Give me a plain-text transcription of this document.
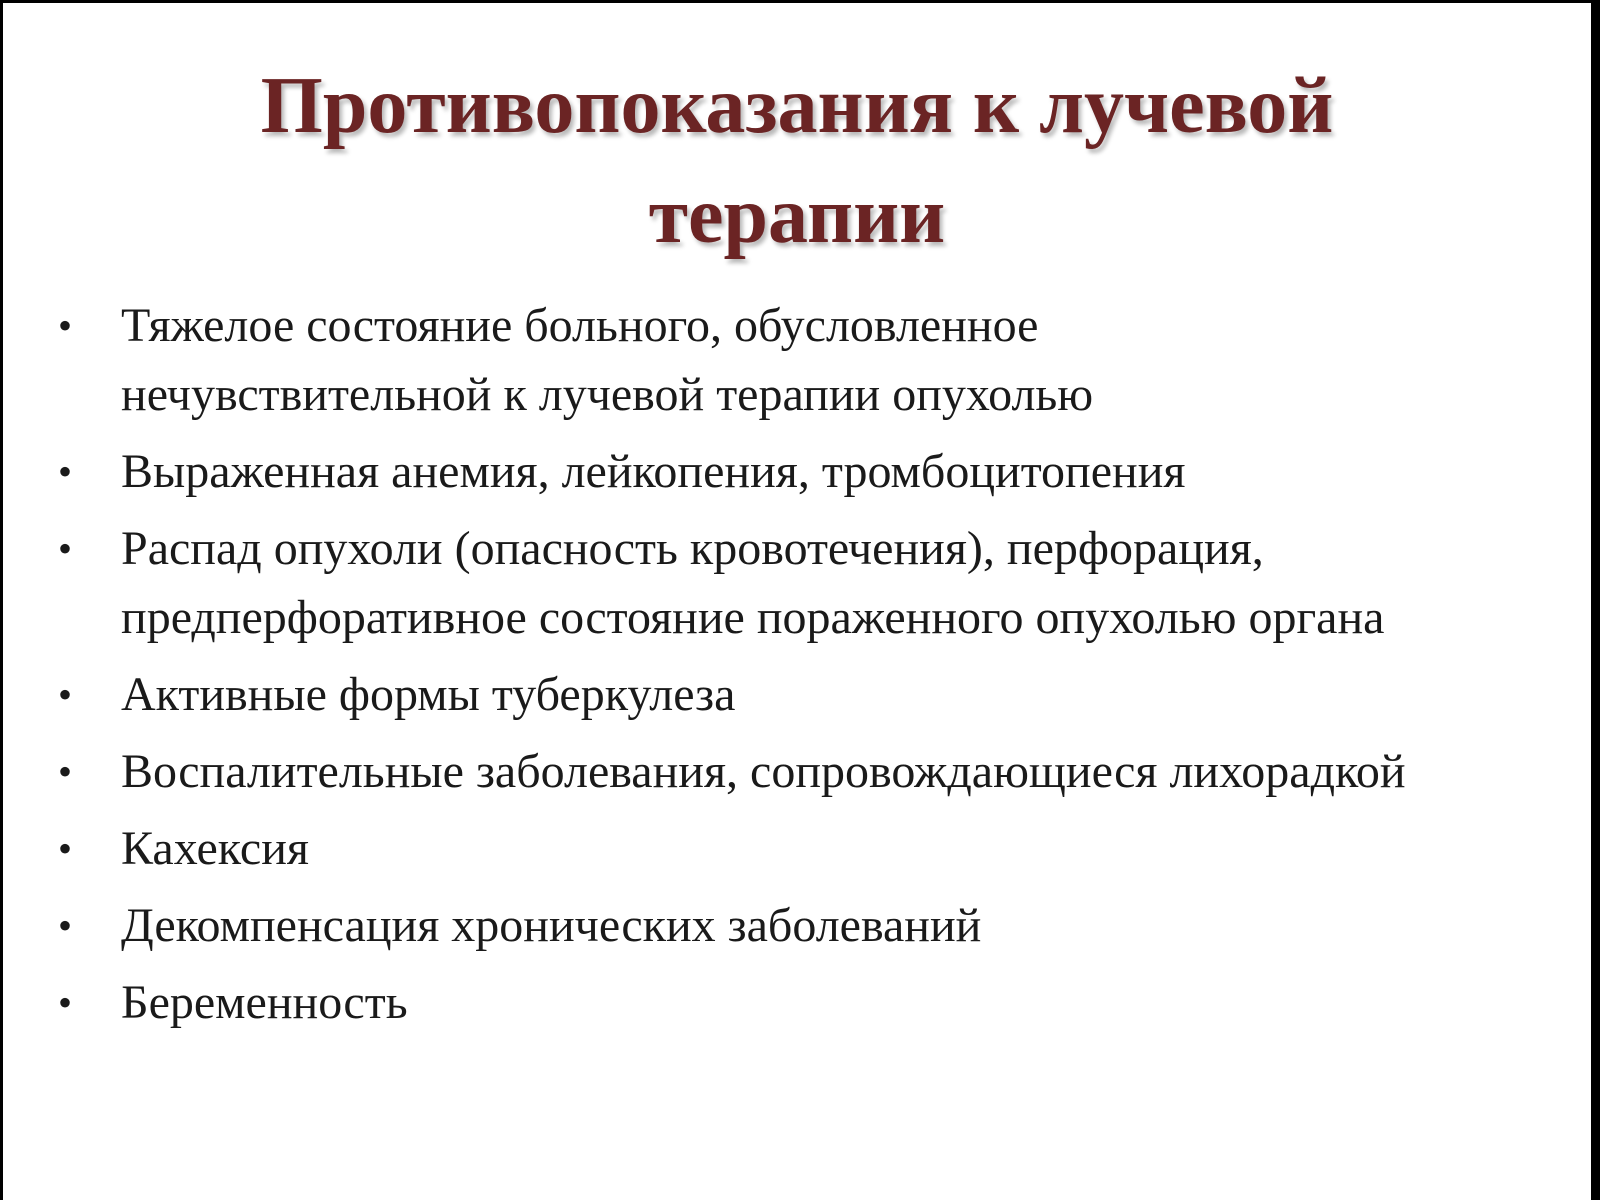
Противопоказания к лучевой
терапии
• Тяжелое состояние больного, обусловленное
нечувствительной к лучевой терапии опухолью
• Выраженная анемия, лейкопения, тромбоцитопения
• Распад опухоли (опасность кровотечения), перфорация,
предперфоративное состояние пораженного опухолью органа
• Активные формы туберкулеза
• Воспалительные заболевания, сопровождающиеся лихорадкой
• Кахексия
• Декомпенсация хронических заболеваний
• Беременность
